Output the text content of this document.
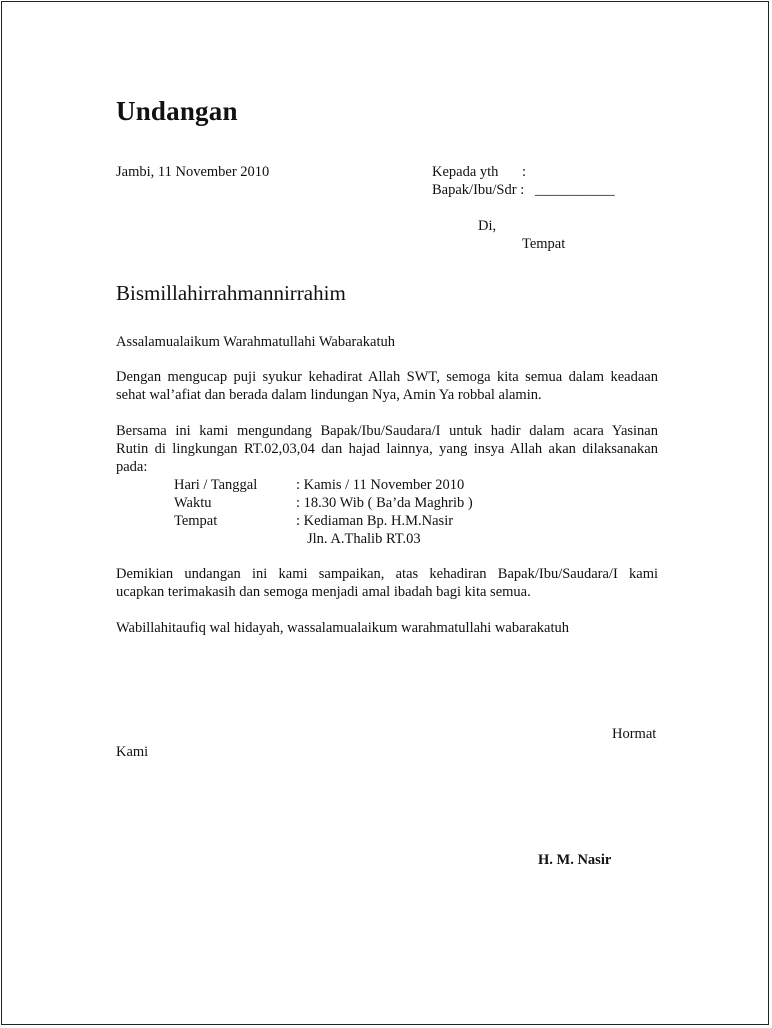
Undangan
Jambi, 11 November 2010	Kepada yth :
Bapak/Ibu/Sdr : ___________
Di,
Tempat
Bismillahirrahmannirrahim
Assalamualaikum Warahmatullahi Wabarakatuh
Dengan mengucap puji syukur kehadirat Allah SWT, semoga kita semua dalam keadaan
sehat wal’afiat dan berada dalam lindungan Nya, Amin Ya robbal alamin.
Bersama ini kami mengundang Bapak/Ibu/Saudara/I untuk hadir dalam acara Yasinan
Rutin di lingkungan RT.02,03,04 dan hajad lainnya, yang insya Allah akan dilaksanakan
pada:
Hari / Tanggal	: Kamis / 11 November 2010
Waktu	: 18.30 Wib ( Ba’da Maghrib )
Tempat	: Kediaman Bp. H.M.Nasir
Jln. A.Thalib RT.03
Demikian undangan ini kami sampaikan, atas kehadiran Bapak/Ibu/Saudara/I kami
ucapkan terimakasih dan semoga menjadi amal ibadah bagi kita semua.
Wabillahitaufiq wal hidayah, wassalamualaikum warahmatullahi wabarakatuh
Hormat
Kami
H. M. Nasir
